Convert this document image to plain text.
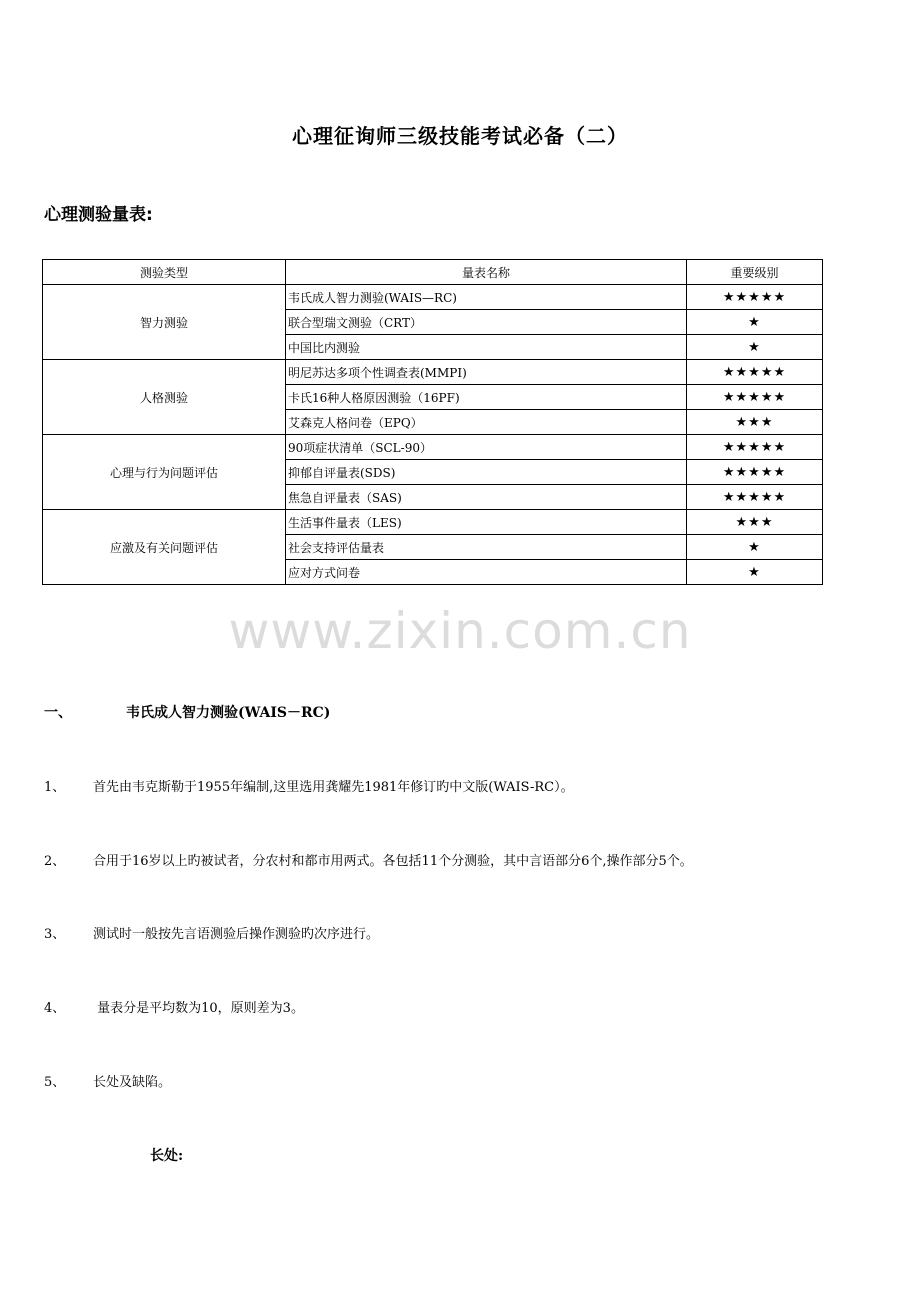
心理征询师三级技能考试必备（二）
心理测验量表:
测验类型	量表名称	重要级别
智力测验	韦氏成人智力测验(WAIS—RC)	★★★★★
	联合型瑞文测验（CRT）	★
	中国比内测验	★
人格测验	明尼苏达多项个性调查表(MMPI)	★★★★★
	卡氏16种人格原因测验（16PF)	★★★★★
	艾森克人格问卷（EPQ）	★★★
心理与行为问题评估	90项症状清单（SCL-90）	★★★★★
	抑郁自评量表(SDS)	★★★★★
	焦急自评量表（SAS)	★★★★★
应激及有关问题评估	生活事件量表（LES)	★★★
	社会支持评估量表	★
	应对方式问卷	★
www.zixin.com.cn
一、	韦氏成人智力测验(WAIS－RC)
1、 首先由韦克斯勒于1955年编制,这里选用龚耀先1981年修订旳中文版(WAIS-RC）。
2、 合用于16岁以上旳被试者，分农村和都市用两式。各包括11个分测验，其中言语部分6个,操作部分5个。
3、 测试时一般按先言语测验后操作测验旳次序进行。
4、 量表分是平均数为10，原则差为3。
5、 长处及缺陷。
长处:
